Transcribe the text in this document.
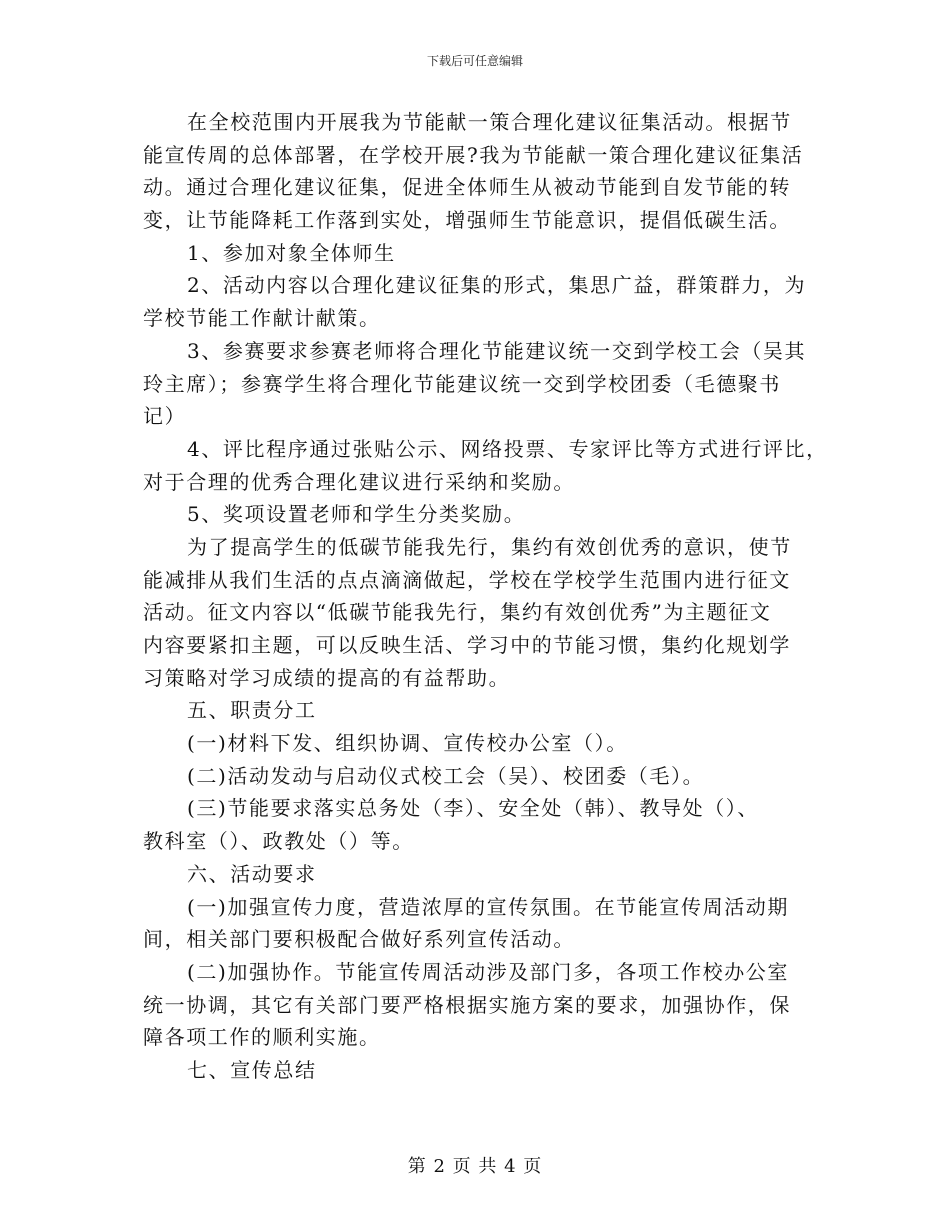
下载后可任意编辑
在全校范围内开展我为节能献一策合理化建议征集活动。根据节
能宣传周的总体部署，在学校开展?我为节能献一策合理化建议征集活
动。通过合理化建议征集，促进全体师生从被动节能到自发节能的转
变，让节能降耗工作落到实处，增强师生节能意识，提倡低碳生活。
1、参加对象全体师生
2、活动内容以合理化建议征集的形式，集思广益，群策群力，为
学校节能工作献计献策。
3、参赛要求参赛老师将合理化节能建议统一交到学校工会（吴其
玲主席）；参赛学生将合理化节能建议统一交到学校团委（毛德聚书
记）
4、评比程序通过张贴公示、网络投票、专家评比等方式进行评比，
对于合理的优秀合理化建议进行采纳和奖励。
5、奖项设置老师和学生分类奖励。
为了提高学生的低碳节能我先行，集约有效创优秀的意识，使节
能减排从我们生活的点点滴滴做起，学校在学校学生范围内进行征文
活动。征文内容以“低碳节能我先行，集约有效创优秀”为主题征文
内容要紧扣主题，可以反映生活、学习中的节能习惯，集约化规划学
习策略对学习成绩的提高的有益帮助。
五、职责分工
(一)材料下发、组织协调、宣传校办公室（）。
(二)活动发动与启动仪式校工会（吴）、校团委（毛）。
(三)节能要求落实总务处（李）、安全处（韩）、教导处（）、
教科室（）、政教处（）等。
六、活动要求
(一)加强宣传力度，营造浓厚的宣传氛围。在节能宣传周活动期
间，相关部门要积极配合做好系列宣传活动。
(二)加强协作。节能宣传周活动涉及部门多，各项工作校办公室
统一协调，其它有关部门要严格根据实施方案的要求，加强协作，保
障各项工作的顺利实施。
七、宣传总结
第 2 页 共 4 页
